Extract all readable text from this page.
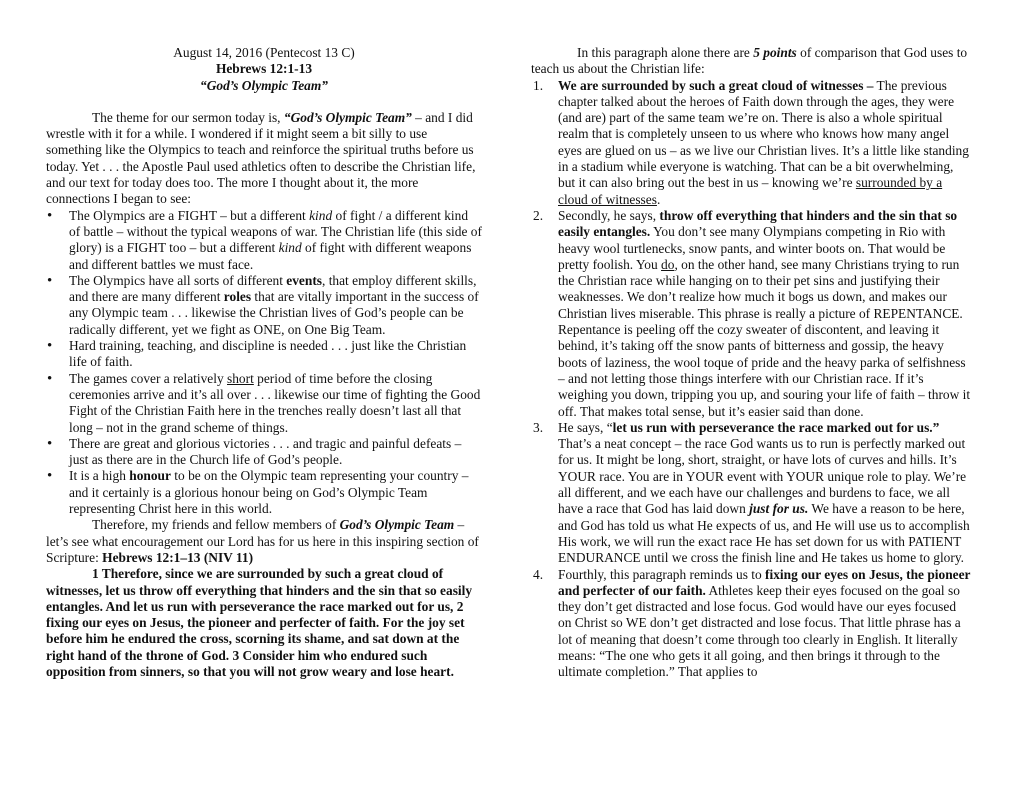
August 14, 2016 (Pentecost 13 C)
Hebrews 12:1-13
“God’s Olympic Team”

The theme for our sermon today is, “God’s Olympic Team” – and I did wrestle with it for a while. I wondered if it might seem a bit silly to use something like the Olympics to teach and reinforce the spiritual truths before us today. Yet . . . the Apostle Paul used athletics often to describe the Christian life, and our text for today does too. The more I thought about it, the more connections I began to see:

• The Olympics are a FIGHT – but a different kind of fight / a different kind of battle – without the typical weapons of war. The Christian life (this side of glory) is a FIGHT too – but a different kind of fight with different weapons and different battles we must face.
• The Olympics have all sorts of different events, that employ different skills, and there are many different roles that are vitally important in the success of any Olympic team . . . likewise the Christian lives of God’s people can be radically different, yet we fight as ONE, on One Big Team.
• Hard training, teaching, and discipline is needed . . . just like the Christian life of faith.
• The games cover a relatively short period of time before the closing ceremonies arrive and it’s all over . . . likewise our time of fighting the Good Fight of the Christian Faith here in the trenches really doesn’t last all that long – not in the grand scheme of things.
• There are great and glorious victories . . . and tragic and painful defeats – just as there are in the Church life of God’s people.
• It is a high honour to be on the Olympic team representing your country – and it certainly is a glorious honour being on God’s Olympic Team representing Christ here in this world.

Therefore, my friends and fellow members of God’s Olympic Team – let’s see what encouragement our Lord has for us here in this inspiring section of Scripture: Hebrews 12:1–13 (NIV 11)

1 Therefore, since we are surrounded by such a great cloud of witnesses, let us throw off everything that hinders and the sin that so easily entangles. And let us run with perseverance the race marked out for us, 2 fixing our eyes on Jesus, the pioneer and perfecter of faith. For the joy set before him he endured the cross, scorning its shame, and sat down at the right hand of the throne of God. 3 Consider him who endured such opposition from sinners, so that you will not grow weary and lose heart.

In this paragraph alone there are 5 points of comparison that God uses to teach us about the Christian life:

1. We are surrounded by such a great cloud of witnesses – The previous chapter talked about the heroes of Faith down through the ages, they were (and are) part of the same team we’re on. There is also a whole spiritual realm that is completely unseen to us where who knows how many angel eyes are glued on us – as we live our Christian lives. It’s a little like standing in a stadium while everyone is watching. That can be a bit overwhelming, but it can also bring out the best in us – knowing we’re surrounded by a cloud of witnesses.
2. Secondly, he says, throw off everything that hinders and the sin that so easily entangles. You don’t see many Olympians competing in Rio with heavy wool turtlenecks, snow pants, and winter boots on. That would be pretty foolish. You do, on the other hand, see many Christians trying to run the Christian race while hanging on to their pet sins and justifying their weaknesses. We don’t realize how much it bogs us down, and makes our Christian lives miserable. This phrase is really a picture of REPENTANCE. Repentance is peeling off the cozy sweater of discontent, and leaving it behind, it’s taking off the snow pants of bitterness and gossip, the heavy boots of laziness, the wool toque of pride and the heavy parka of selfishness – and not letting those things interfere with our Christian race. If it’s weighing you down, tripping you up, and souring your life of faith – throw it off. That makes total sense, but it’s easier said than done.
3. He says, “let us run with perseverance the race marked out for us.” That’s a neat concept – the race God wants us to run is perfectly marked out for us. It might be long, short, straight, or have lots of curves and hills. It’s YOUR race. You are in YOUR event with YOUR unique role to play. We’re all different, and we each have our challenges and burdens to face, we all have a race that God has laid down just for us. We have a reason to be here, and God has told us what He expects of us, and He will use us to accomplish His work, we will run the exact race He has set down for us with PATIENT ENDURANCE until we cross the finish line and He takes us home to glory.
4. Fourthly, this paragraph reminds us to fixing our eyes on Jesus, the pioneer and perfecter of our faith. Athletes keep their eyes focused on the goal so they don’t get distracted and lose focus. God would have our eyes focused on Christ so WE don’t get distracted and lose focus. That little phrase has a lot of meaning that doesn’t come through too clearly in English. It literally means: “The one who gets it all going, and then brings it through to the ultimate completion.” That applies to
